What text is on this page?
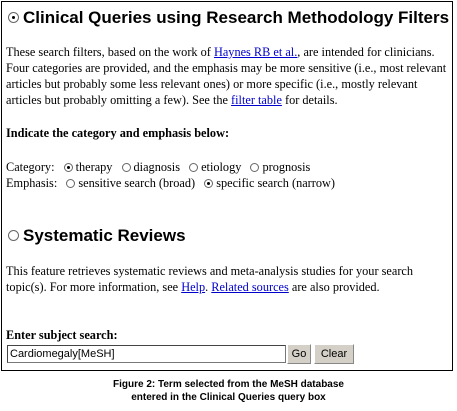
Clinical Queries using Research Methodology Filters
These search filters, based on the work of Haynes RB et al., are intended for clinicians. Four categories are provided, and the emphasis may be more sensitive (i.e., most relevant articles but probably some less relevant ones) or more specific (i.e., mostly relevant articles but probably omitting a few). See the filter table for details.
Indicate the category and emphasis below:
Category: therapy diagnosis etiology prognosis
Emphasis: sensitive search (broad) specific search (narrow)
Systematic Reviews
This feature retrieves systematic reviews and meta-analysis studies for your search topic(s). For more information, see Help. Related sources are also provided.
Enter subject search:
Cardiomegaly[MeSH]	Go	Clear
Figure 2: Term selected from the MeSH database
entered in the Clinical Queries query box
